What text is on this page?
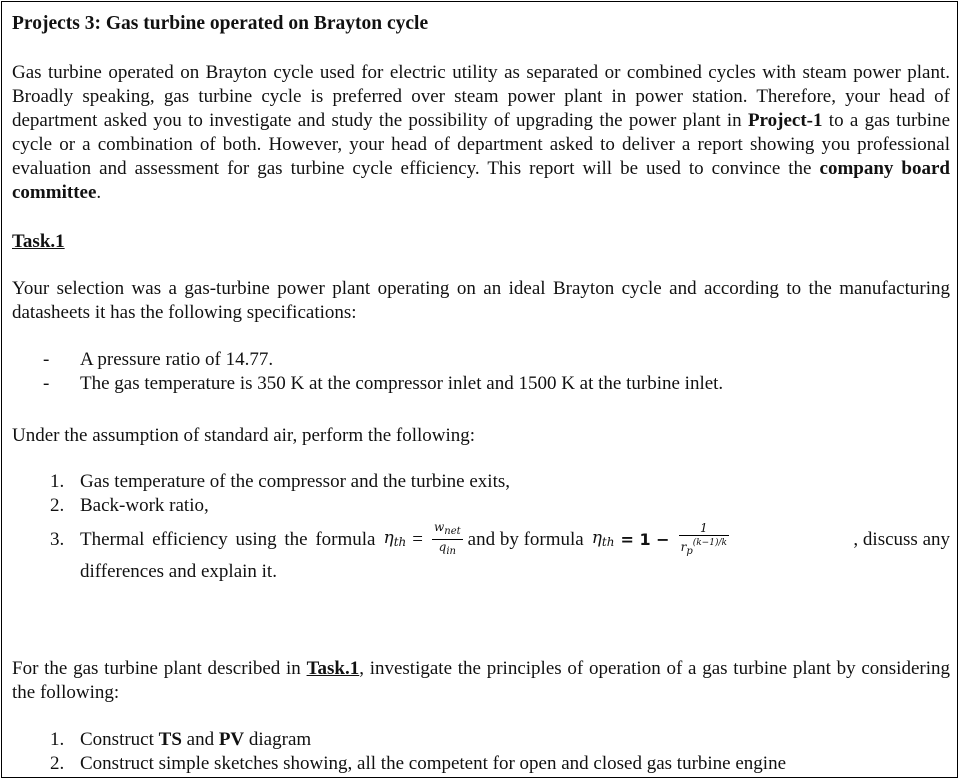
Projects 3: Gas turbine operated on Brayton cycle
Gas turbine operated on Brayton cycle used for electric utility as separated or combined cycles with steam power plant. Broadly speaking, gas turbine cycle is preferred over steam power plant in power station. Therefore, your head of department asked you to investigate and study the possibility of upgrading the power plant in Project-1 to a gas turbine cycle or a combination of both. However, your head of department asked to deliver a report showing you professional evaluation and assessment for gas turbine cycle efficiency. This report will be used to convince the company board committee.
Task.1
Your selection was a gas-turbine power plant operating on an ideal Brayton cycle and according to the manufacturing datasheets it has the following specifications:
- A pressure ratio of 14.77.
- The gas temperature is 350 K at the compressor inlet and 1500 K at the turbine inlet.
Under the assumption of standard air, perform the following:
1. Gas temperature of the compressor and the turbine exits,
2. Back-work ratio,
3. Thermal efficiency using the formula $\eta_{th} = \frac{w_{net}}{q_{in}}$ and by formula $\eta_{th} = 1 - \frac{1}{r_p^{(k-1)/k}}$	, discuss any
differences and explain it.
For the gas turbine plant described in Task.1, investigate the principles of operation of a gas turbine plant by considering the following:
1. Construct TS and PV diagram
2. Construct simple sketches showing, all the competent for open and closed gas turbine engine
